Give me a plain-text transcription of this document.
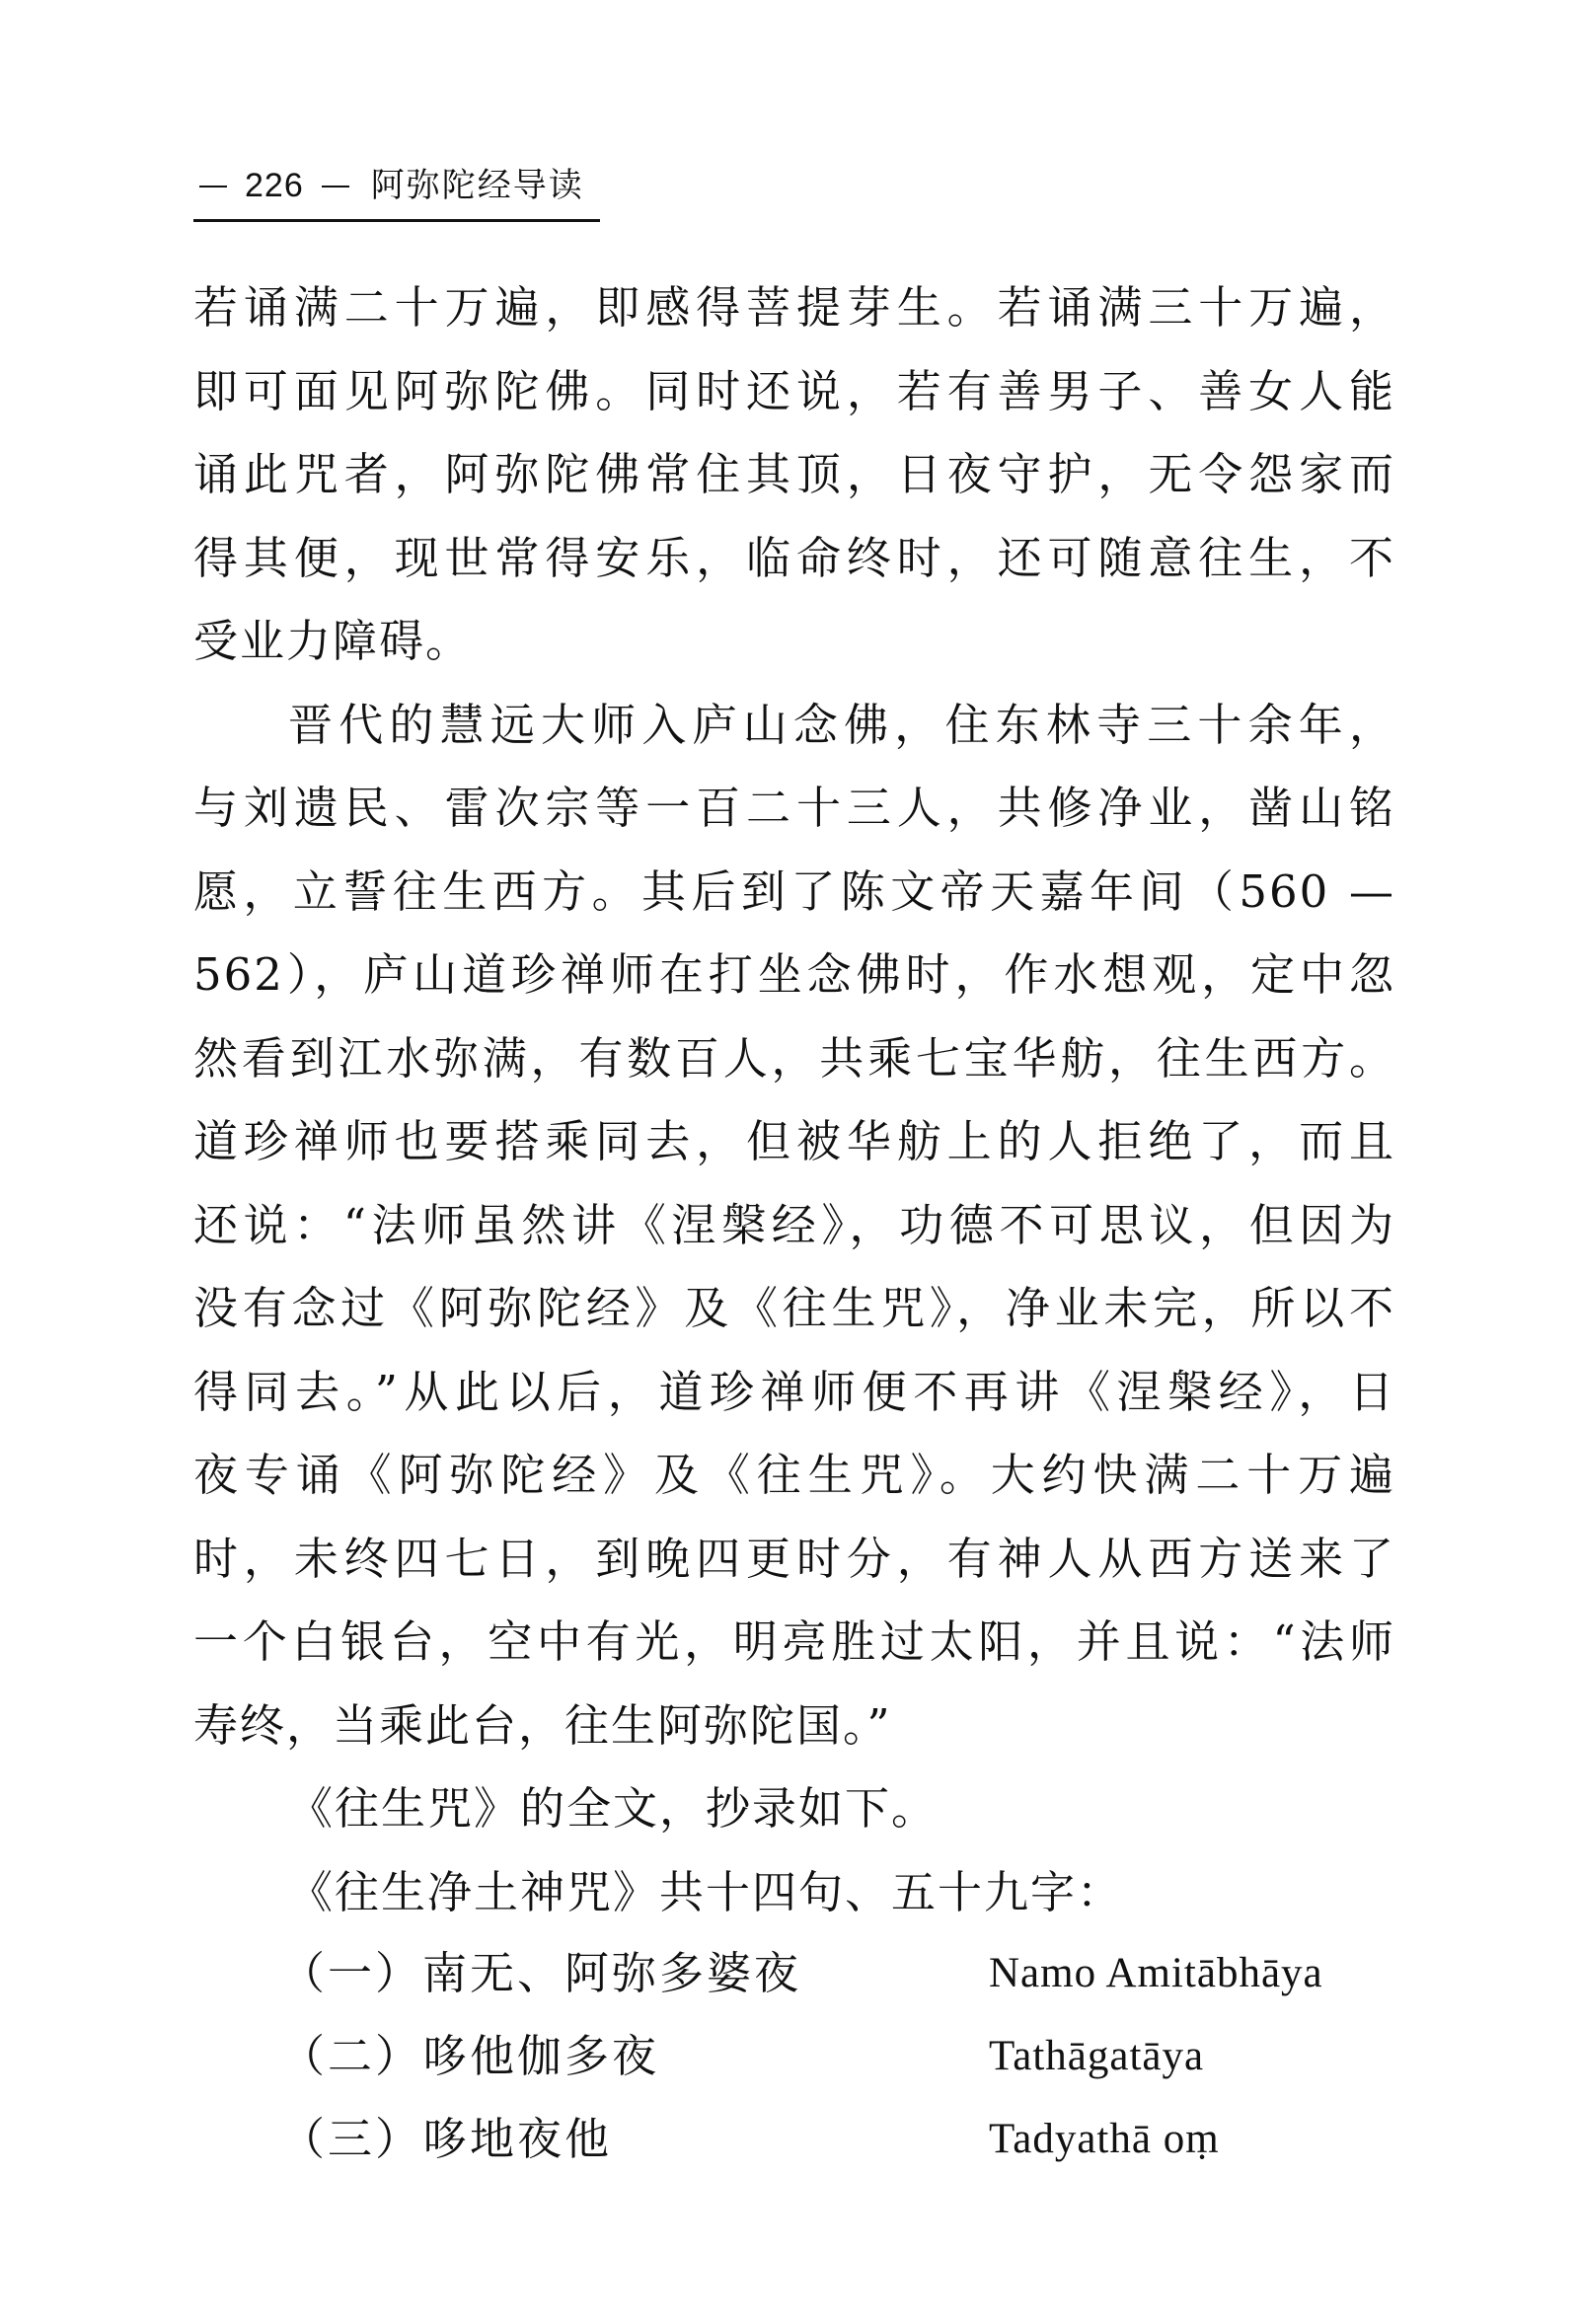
226 阿弥陀经导读
若诵满二十万遍，即感得菩提芽生。若诵满三十万遍，
即可面见阿弥陀佛。同时还说，若有善男子、善女人能
诵此咒者，阿弥陀佛常住其顶，日夜守护，无令怨家而
得其便，现世常得安乐，临命终时，还可随意往生，不
受业力障碍。
晋代的慧远大师入庐山念佛，住东林寺三十余年，
与刘遗民、雷次宗等一百二十三人，共修净业，凿山铭
愿，立誓往生西方。其后到了陈文帝天嘉年间（560 —
562），庐山道珍禅师在打坐念佛时，作水想观，定中忽
然看到江水弥满，有数百人，共乘七宝华舫，往生西方。
道珍禅师也要搭乘同去，但被华舫上的人拒绝了，而且
还说：“法师虽然讲《涅槃经》，功德不可思议，但因为
没有念过《阿弥陀经》及《往生咒》，净业未完，所以不
得同去。”从此以后，道珍禅师便不再讲《涅槃经》，日
夜专诵《阿弥陀经》及《往生咒》。大约快满二十万遍
时，未终四七日，到晚四更时分，有神人从西方送来了
一个白银台，空中有光，明亮胜过太阳，并且说：“法师
寿终，当乘此台，往生阿弥陀国。”
《往生咒》的全文，抄录如下。
《往生净土神咒》共十四句、五十九字：
（一）南无、阿弥多婆夜	Namo Amitābhāya
（二）哆他伽多夜	Tathāgatāya
（三）哆地夜他	Tadyathā oṃ
